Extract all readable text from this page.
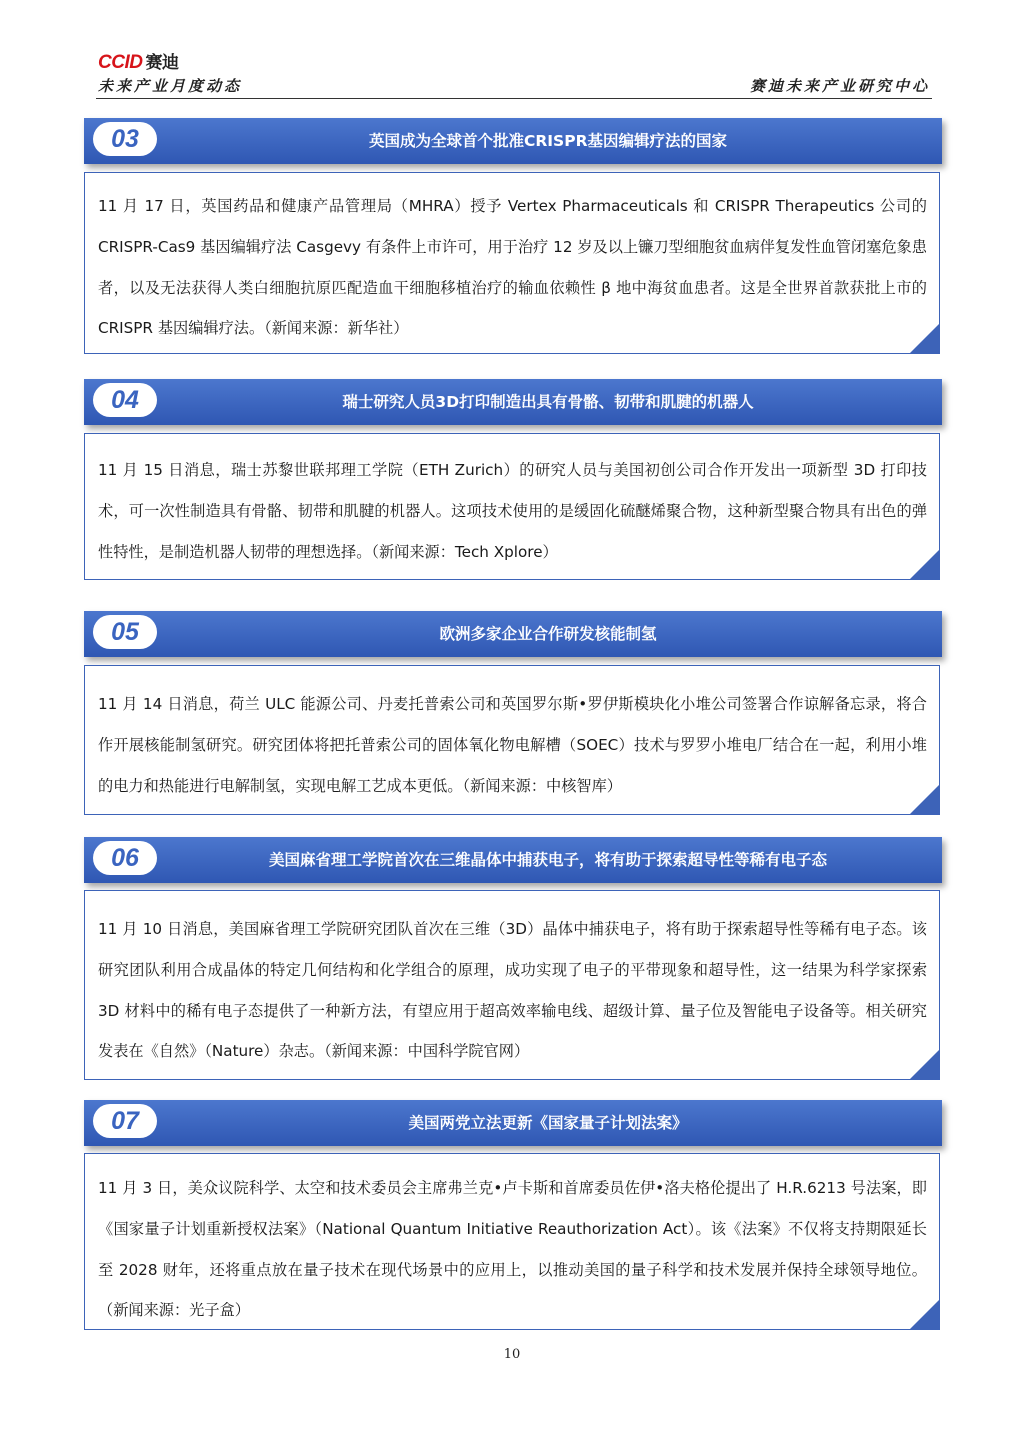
CCID 赛迪
未来产业月度动态	赛迪未来产业研究中心
03	英国成为全球首个批准CRISPR基因编辑疗法的国家

11 月 17 日，英国药品和健康产品管理局（MHRA）授予 Vertex Pharmaceuticals 和 CRISPR Therapeutics 公司的 CRISPR-Cas9 基因编辑疗法 Casgevy 有条件上市许可，用于治疗 12 岁及以上镰刀型细胞贫血病伴复发性血管闭塞危象患者，以及无法获得人类白细胞抗原匹配造血干细胞移植治疗的输血依赖性 β 地中海贫血患者。这是全世界首款获批上市的 CRISPR 基因编辑疗法。（新闻来源：新华社）

04	瑞士研究人员3D打印制造出具有骨骼、韧带和肌腱的机器人

11 月 15 日消息，瑞士苏黎世联邦理工学院（ETH Zurich）的研究人员与美国初创公司合作开发出一项新型 3D 打印技术，可一次性制造具有骨骼、韧带和肌腱的机器人。这项技术使用的是缓固化硫醚烯聚合物，这种新型聚合物具有出色的弹性特性，是制造机器人韧带的理想选择。（新闻来源：Tech Xplore）

05	欧洲多家企业合作研发核能制氢

11 月 14 日消息，荷兰 ULC 能源公司、丹麦托普索公司和英国罗尔斯•罗伊斯模块化小堆公司签署合作谅解备忘录，将合作开展核能制氢研究。研究团体将把托普索公司的固体氧化物电解槽（SOEC）技术与罗罗小堆电厂结合在一起，利用小堆的电力和热能进行电解制氢，实现电解工艺成本更低。（新闻来源：中核智库）

06	美国麻省理工学院首次在三维晶体中捕获电子，将有助于探索超导性等稀有电子态

11 月 10 日消息，美国麻省理工学院研究团队首次在三维（3D）晶体中捕获电子，将有助于探索超导性等稀有电子态。该研究团队利用合成晶体的特定几何结构和化学组合的原理，成功实现了电子的平带现象和超导性，这一结果为科学家探索 3D 材料中的稀有电子态提供了一种新方法，有望应用于超高效率输电线、超级计算、量子位及智能电子设备等。相关研究发表在《自然》（Nature）杂志。（新闻来源：中国科学院官网）

07	美国两党立法更新《国家量子计划法案》

11 月 3 日，美众议院科学、太空和技术委员会主席弗兰克•卢卡斯和首席委员佐伊•洛夫格伦提出了 H.R.6213 号法案，即《国家量子计划重新授权法案》（National Quantum Initiative Reauthorization Act）。该《法案》不仅将支持期限延长至 2028 财年，还将重点放在量子技术在现代场景中的应用上，以推动美国的量子科学和技术发展并保持全球领导地位。（新闻来源：光子盒）

10
